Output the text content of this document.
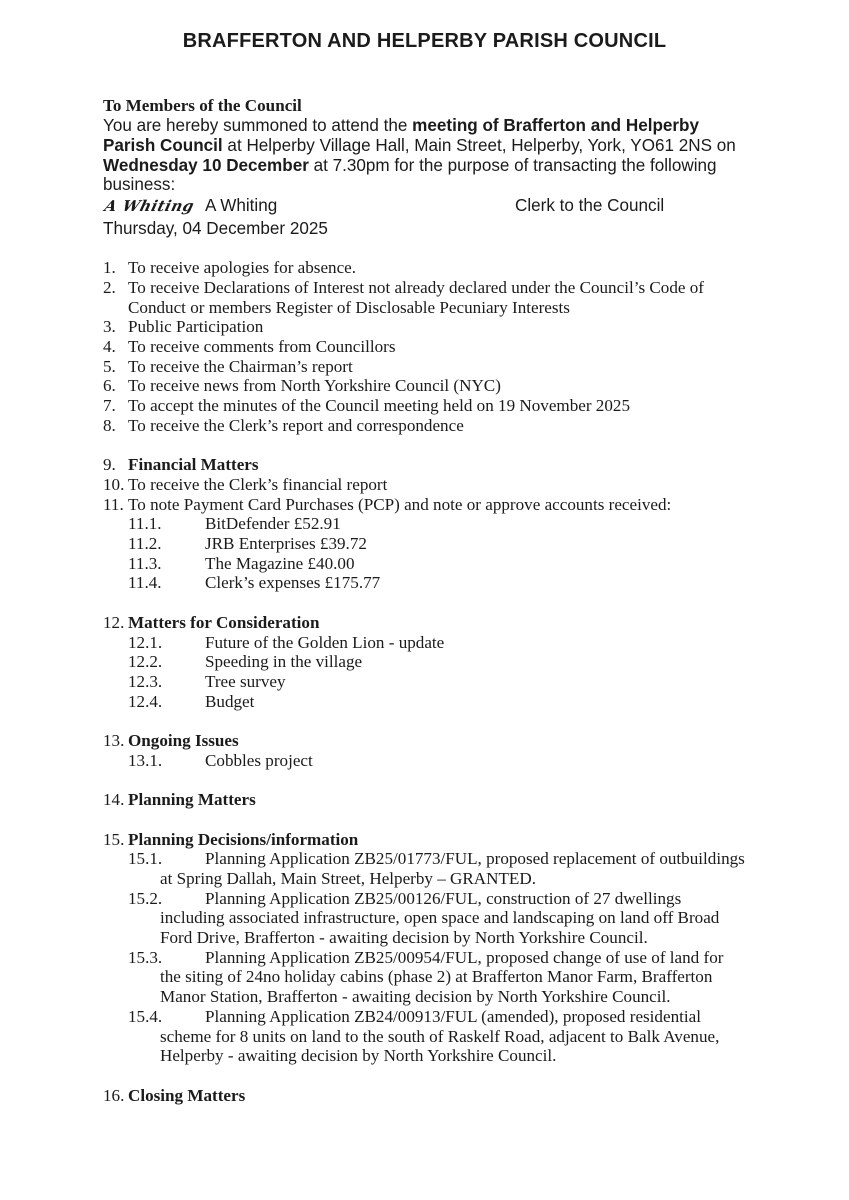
BRAFFERTON AND HELPERBY PARISH COUNCIL

To Members of the Council

You are hereby summoned to attend the meeting of Brafferton and Helperby
Parish Council at Helperby Village Hall, Main Street, Helperby, York, YO61 2NS on
Wednesday 10 December at 7.30pm for the purpose of transacting the following
business:

A Whiting A Whiting	Clerk to the Council

Thursday, 04 December 2025

1. To receive apologies for absence.
2. To receive Declarations of Interest not already declared under the Council’s Code of Conduct or members Register of Disclosable Pecuniary Interests
3. Public Participation
4. To receive comments from Councillors
5. To receive the Chairman’s report
6. To receive news from North Yorkshire Council (NYC)
7. To accept the minutes of the Council meeting held on 19 November 2025
8. To receive the Clerk’s report and correspondence
9. Financial Matters
10. To receive the Clerk’s financial report
11. To note Payment Card Purchases (PCP) and note or approve accounts received:
11.1.	BitDefender £52.91
11.2.	JRB Enterprises £39.72
11.3.	The Magazine £40.00
11.4.	Clerk’s expenses £175.77
12. Matters for Consideration
12.1.	Future of the Golden Lion - update
12.2.	Speeding in the village
12.3.	Tree survey
12.4.	Budget
13. Ongoing Issues
13.1.	Cobbles project
14. Planning Matters
15. Planning Decisions/information
15.1.	Planning Application ZB25/01773/FUL, proposed replacement of outbuildings at Spring Dallah, Main Street, Helperby – GRANTED.
15.2.	Planning Application ZB25/00126/FUL, construction of 27 dwellings including associated infrastructure, open space and landscaping on land off Broad Ford Drive, Brafferton - awaiting decision by North Yorkshire Council.
15.3.	Planning Application ZB25/00954/FUL, proposed change of use of land for the siting of 24no holiday cabins (phase 2) at Brafferton Manor Farm, Brafferton Manor Station, Brafferton - awaiting decision by North Yorkshire Council.
15.4.	Planning Application ZB24/00913/FUL (amended), proposed residential scheme for 8 units on land to the south of Raskelf Road, adjacent to Balk Avenue, Helperby - awaiting decision by North Yorkshire Council.
16. Closing Matters
